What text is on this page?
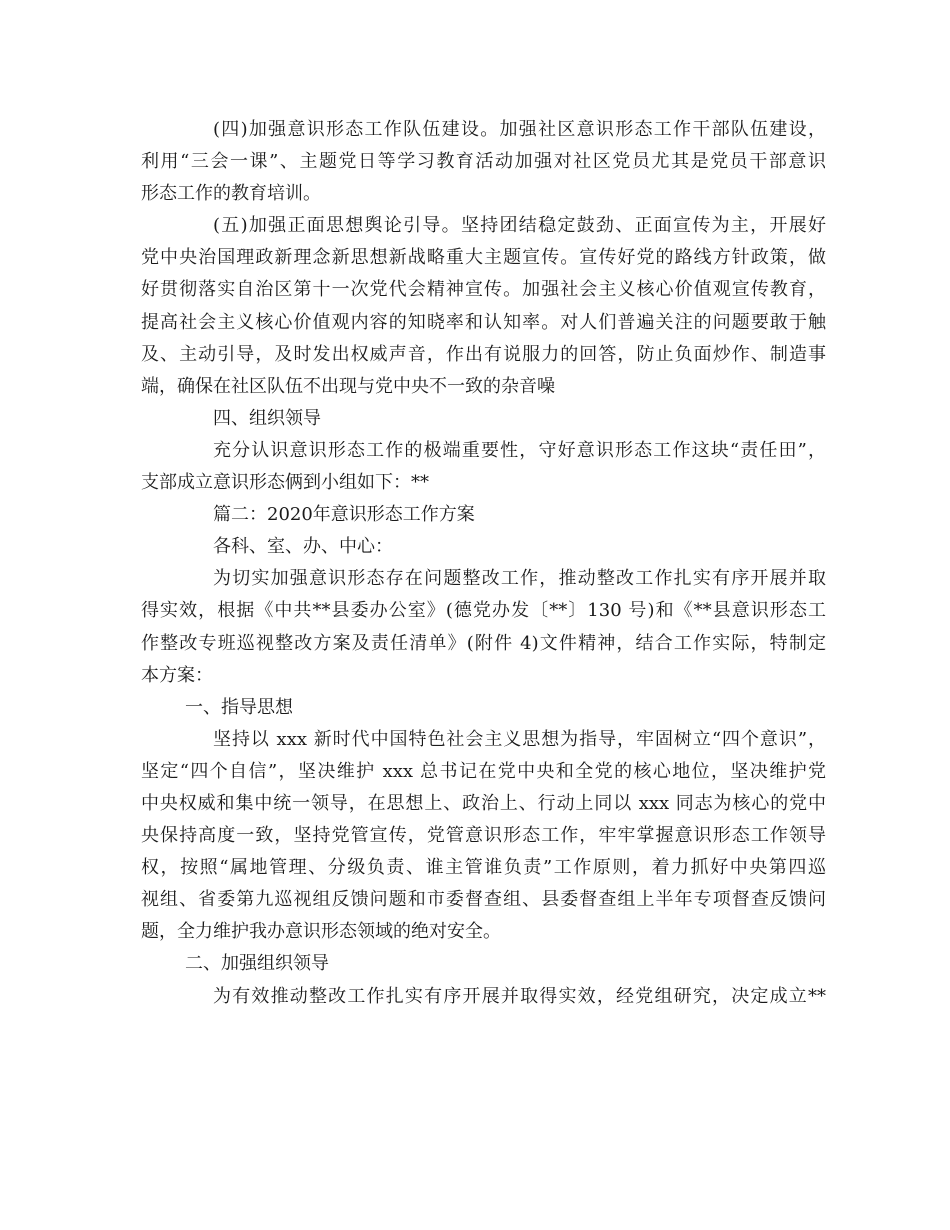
(四)加强意识形态工作队伍建设。加强社区意识形态工作干部队伍建设，
利用“三会一课”、主题党日等学习教育活动加强对社区党员尤其是党员干部意识
形态工作的教育培训。
(五)加强正面思想舆论引导。坚持团结稳定鼓劲、正面宣传为主，开展好
党中央治国理政新理念新思想新战略重大主题宣传。宣传好党的路线方针政策，做
好贯彻落实自治区第十一次党代会精神宣传。加强社会主义核心价值观宣传教育，
提高社会主义核心价值观内容的知晓率和认知率。对人们普遍关注的问题要敢于触
及、主动引导，及时发出权威声音，作出有说服力的回答，防止负面炒作、制造事
端，确保在社区队伍不出现与党中央不一致的杂音噪
四、组织领导
充分认识意识形态工作的极端重要性，守好意识形态工作这块“责任田”，
支部成立意识形态俩到小组如下：**
篇二：2020年意识形态工作方案
各科、室、办、中心：
为切实加强意识形态存在问题整改工作，推动整改工作扎实有序开展并取
得实效，根据《中共**县委办公室》(德党办发〔**〕130 号)和《**县意识形态工
作整改专班巡视整改方案及责任清单》(附件 4)文件精神，结合工作实际，特制定
本方案：
一、指导思想
坚持以 xxx 新时代中国特色社会主义思想为指导，牢固树立“四个意识”，
坚定“四个自信”，坚决维护 xxx 总书记在党中央和全党的核心地位，坚决维护党
中央权威和集中统一领导，在思想上、政治上、行动上同以 xxx 同志为核心的党中
央保持高度一致，坚持党管宣传，党管意识形态工作，牢牢掌握意识形态工作领导
权，按照“属地管理、分级负责、谁主管谁负责”工作原则，着力抓好中央第四巡
视组、省委第九巡视组反馈问题和市委督查组、县委督查组上半年专项督查反馈问
题，全力维护我办意识形态领域的绝对安全。
二、加强组织领导
为有效推动整改工作扎实有序开展并取得实效，经党组研究，决定成立**
